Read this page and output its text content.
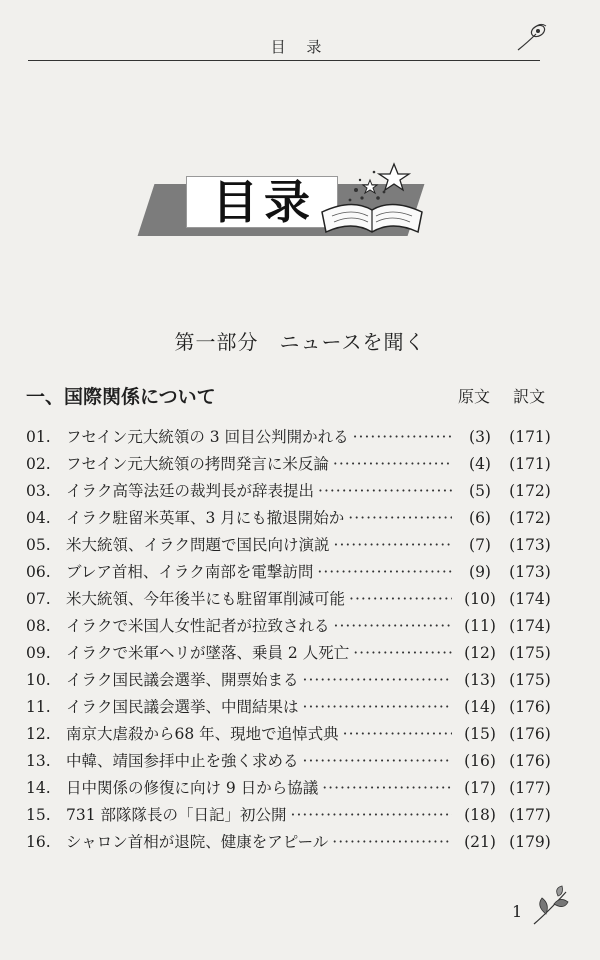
目 录
目录
第一部分　ニュースを聞く
一、国際関係について	原文 訳文
01. フセイン元大統領の 3 回目公判開かれる ·····	(3)	(171)
02. フセイン元大統領の拷問発言に米反論 ·····	(4)	(171)
03. イラク高等法廷の裁判長が辞表提出 ·····	(5)	(172)
04. イラク駐留米英軍、3 月にも撤退開始か ·····	(6)	(172)
05. 米大統領、イラク問題で国民向け演説 ·····	(7)	(173)
06. ブレア首相、イラク南部を電撃訪問 ·····	(9)	(173)
07. 米大統領、今年後半にも駐留軍削減可能 ·····	(10) (174)
08. イラクで米国人女性記者が拉致される ·····	(11) (174)
09. イラクで米軍ヘリが墜落、乗員 2 人死亡 ·····	(12) (175)
10. イラク国民議会選挙、開票始まる ·····	(13) (175)
11. イラク国民議会選挙、中間結果は ·····	(14) (176)
12. 南京大虐殺から68 年、現地で追悼式典 ·····	(15) (176)
13. 中韓、靖国参拝中止を強く求める ·····	(16) (176)
14. 日中関係の修復に向け 9 日から協議 ·····	(17) (177)
15. 731 部隊隊長の「日記」初公開 ·····	(18) (177)
16. シャロン首相が退院、健康をアピール ·····	(21) (179)
1
